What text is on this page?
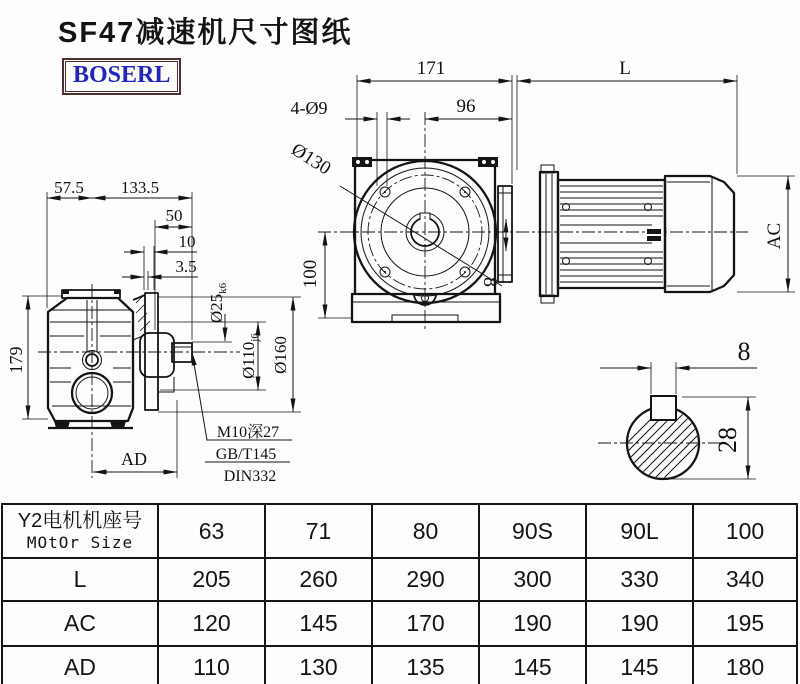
57.5 133.5
50
10
3.5
179
AD
$Ø25_{k6}$
$Ø110_{j6}$ Ø160
M10深27
GB/T145
DIN332
AC
171	L
96
4-Ø9
Ø130
8
100
8
28
SF47减速机尺寸图纸
BOSERL
Y2电机机座号
MOtOr Size	63	71	80	90S	90L	100
L	205	260	290	300	330	340
AC	120	145	170	190	190	195
AD	110	130	135	145	145	180
